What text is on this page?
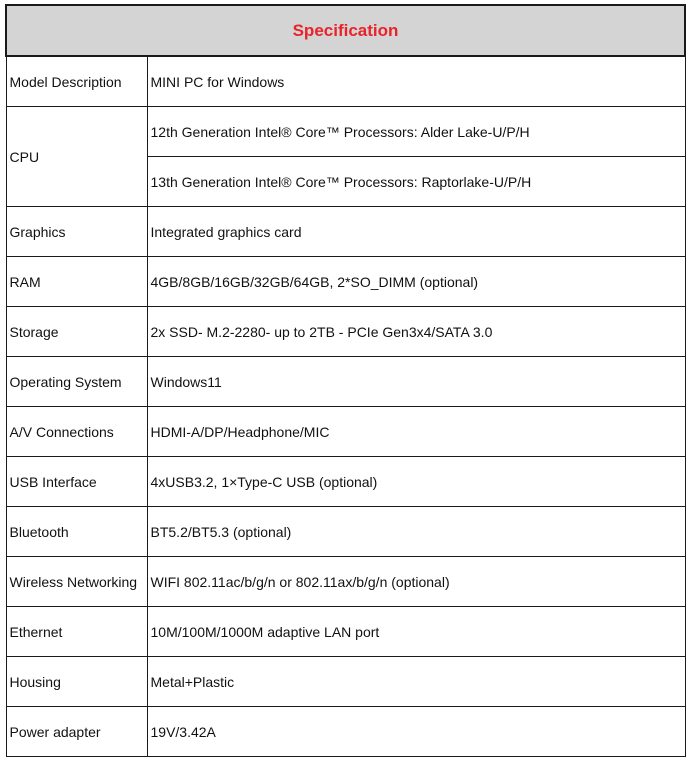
Specification	
Model Description	MINI PC for Windows
CPU	12th Generation Intel® Core™ Processors: Alder Lake-U/P/H
	13th Generation Intel® Core™ Processors: Raptorlake-U/P/H
Graphics	Integrated graphics card
RAM	4GB/8GB/16GB/32GB/64GB, 2*SO_DIMM (optional)
Storage	2x SSD- M.2-2280- up to 2TB - PCIe Gen3x4/SATA 3.0
Operating System	Windows11
A/V Connections	HDMI-A/DP/Headphone/MIC
USB Interface	4xUSB3.2, 1×Type-C USB (optional)
Bluetooth	BT5.2/BT5.3 (optional)
Wireless Networking	WIFI 802.11ac/b/g/n or 802.11ax/b/g/n (optional)
Ethernet	10M/100M/1000M adaptive LAN port
Housing	Metal+Plastic
Power adapter	19V/3.42A
